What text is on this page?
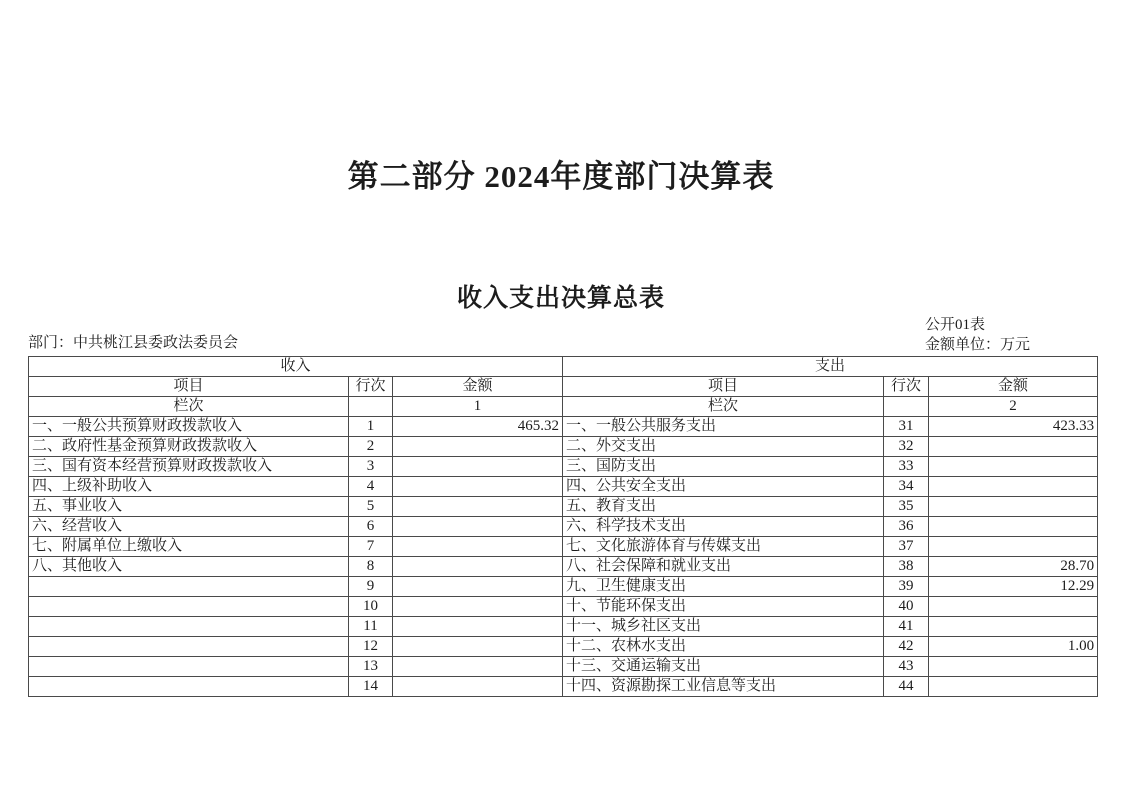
第二部分 2024年度部门决算表
收入支出决算总表
公开01表
部门：中共桃江县委政法委员会	金额单位：万元
收入			支出		
项目	行次	金额	项目	行次	金额
栏次		1	栏次		2
一、一般公共预算财政拨款收入	1	465.32	一、一般公共服务支出	31	423.33
二、政府性基金预算财政拨款收入	2		二、外交支出	32	
三、国有资本经营预算财政拨款收入	3		三、国防支出	33	
四、上级补助收入	4		四、公共安全支出	34	
五、事业收入	5		五、教育支出	35	
六、经营收入	6		六、科学技术支出	36	
七、附属单位上缴收入	7		七、文化旅游体育与传媒支出	37	
八、其他收入	8		八、社会保障和就业支出	38	28.70
	9		九、卫生健康支出	39	12.29
	10		十、节能环保支出	40	
	11		十一、城乡社区支出	41	
	12		十二、农林水支出	42	1.00
	13		十三、交通运输支出	43	
	14		十四、资源勘探工业信息等支出	44	
